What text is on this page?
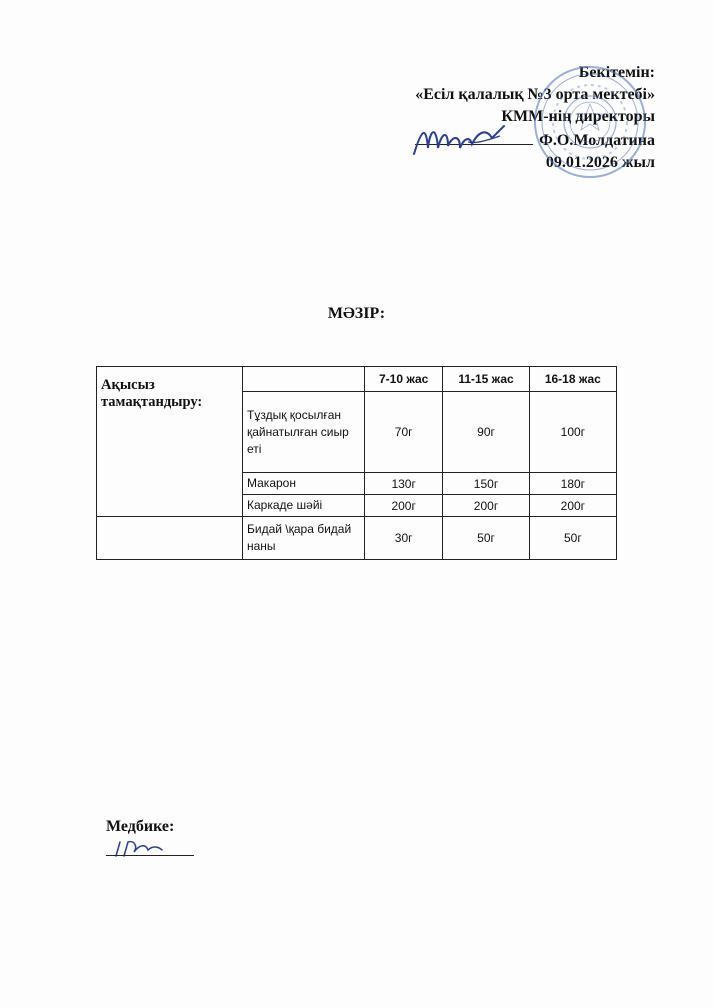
Бекітемін:
«Есіл қалалық №3 орта мектебі»
КММ-нің директоры
Ф.О.Молдатина
09.01.2026 жыл
МӘЗІР:
Ақысыз тамақтандыру:		7-10 жас	11-15 жас	16-18 жас
	Тұздық қосылған қайнатылған сиыр еті	70г	90г	100г
	Макарон	130г	150г	180г
	Каркаде шәйі	200г	200г	200г
	Бидай \қара бидай наны	30г	50г	50г
Медбике:
